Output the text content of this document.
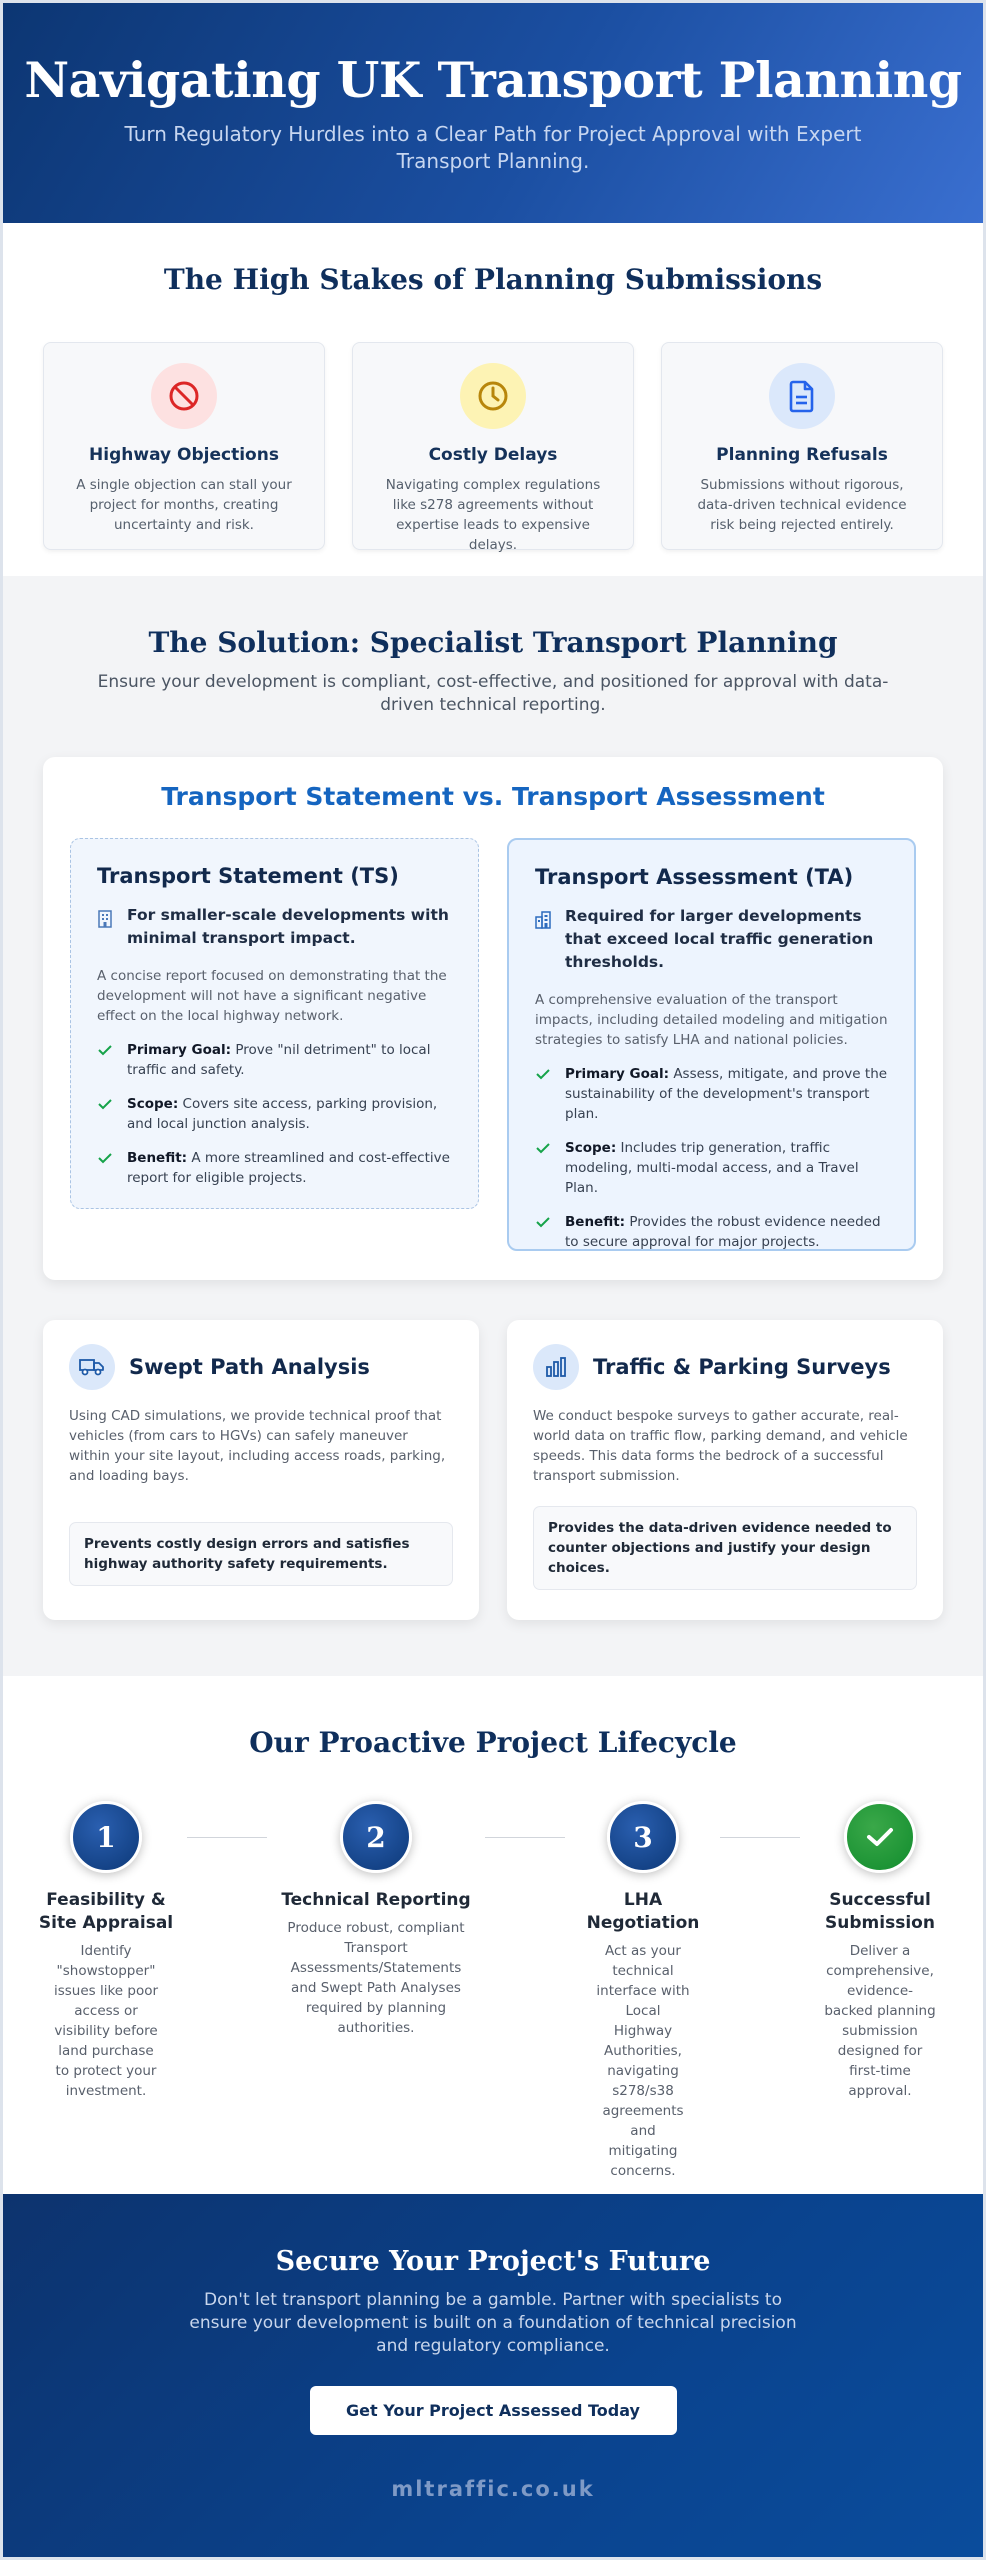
Navigating UK Transport Planning

Turn Regulatory Hurdles into a Clear Path for Project Approval with Expert Transport Planning.

The High Stakes of Planning Submissions
Highway Objections

A single objection can stall your project for months, creating uncertainty and risk.

Costly Delays

Navigating complex regulations like s278 agreements without expertise leads to expensive delays.

Planning Refusals

Submissions without rigorous, data-driven technical evidence risk being rejected entirely.

The Solution: Specialist Transport Planning

Ensure your development is compliant, cost-effective, and positioned for approval with data-driven technical reporting.

Transport Statement vs. Transport Assessment
Transport Statement (TS)
For smaller-scale developments with minimal transport impact.

A concise report focused on demonstrating that the development will not have a significant negative effect on the local highway network.

Primary Goal: Prove "nil detriment" to local traffic and safety.
Scope: Covers site access, parking provision, and local junction analysis.
Benefit: A more streamlined and cost-effective report for eligible projects.
Transport Assessment (TA)
Required for larger developments that exceed local traffic generation thresholds.

A comprehensive evaluation of the transport impacts, including detailed modeling and mitigation strategies to satisfy LHA and national policies.

Primary Goal: Assess, mitigate, and prove the sustainability of the development's transport plan.
Scope: Includes trip generation, traffic modeling, multi-modal access, and a Travel Plan.
Benefit: Provides the robust evidence needed to secure approval for major projects.
Swept Path Analysis

Using CAD simulations, we provide technical proof that vehicles (from cars to HGVs) can safely maneuver within your site layout, including access roads, parking, and loading bays.

Prevents costly design errors and satisfies highway authority safety requirements.
Traffic & Parking Surveys

We conduct bespoke surveys to gather accurate, real-world data on traffic flow, parking demand, and vehicle speeds. This data forms the bedrock of a successful transport submission.

Provides the data-driven evidence needed to counter objections and justify your design choices.
Our Proactive Project Lifecycle
1
Feasibility & Site Appraisal

Identify "showstopper" issues like poor access or visibility before land purchase to protect your investment.

2
Technical Reporting

Produce robust, compliant Transport Assessments/Statements and Swept Path Analyses required by planning authorities.

3
LHA Negotiation

Act as your technical interface with Local Highway Authorities, navigating s278/s38 agreements and mitigating concerns.

Successful Submission

Deliver a comprehensive, evidence-backed planning submission designed for first-time approval.

Secure Your Project's Future

Don't let transport planning be a gamble. Partner with specialists to ensure your development is built on a foundation of technical precision and regulatory compliance.

Get Your Project Assessed Today
mltraffic.co.uk
